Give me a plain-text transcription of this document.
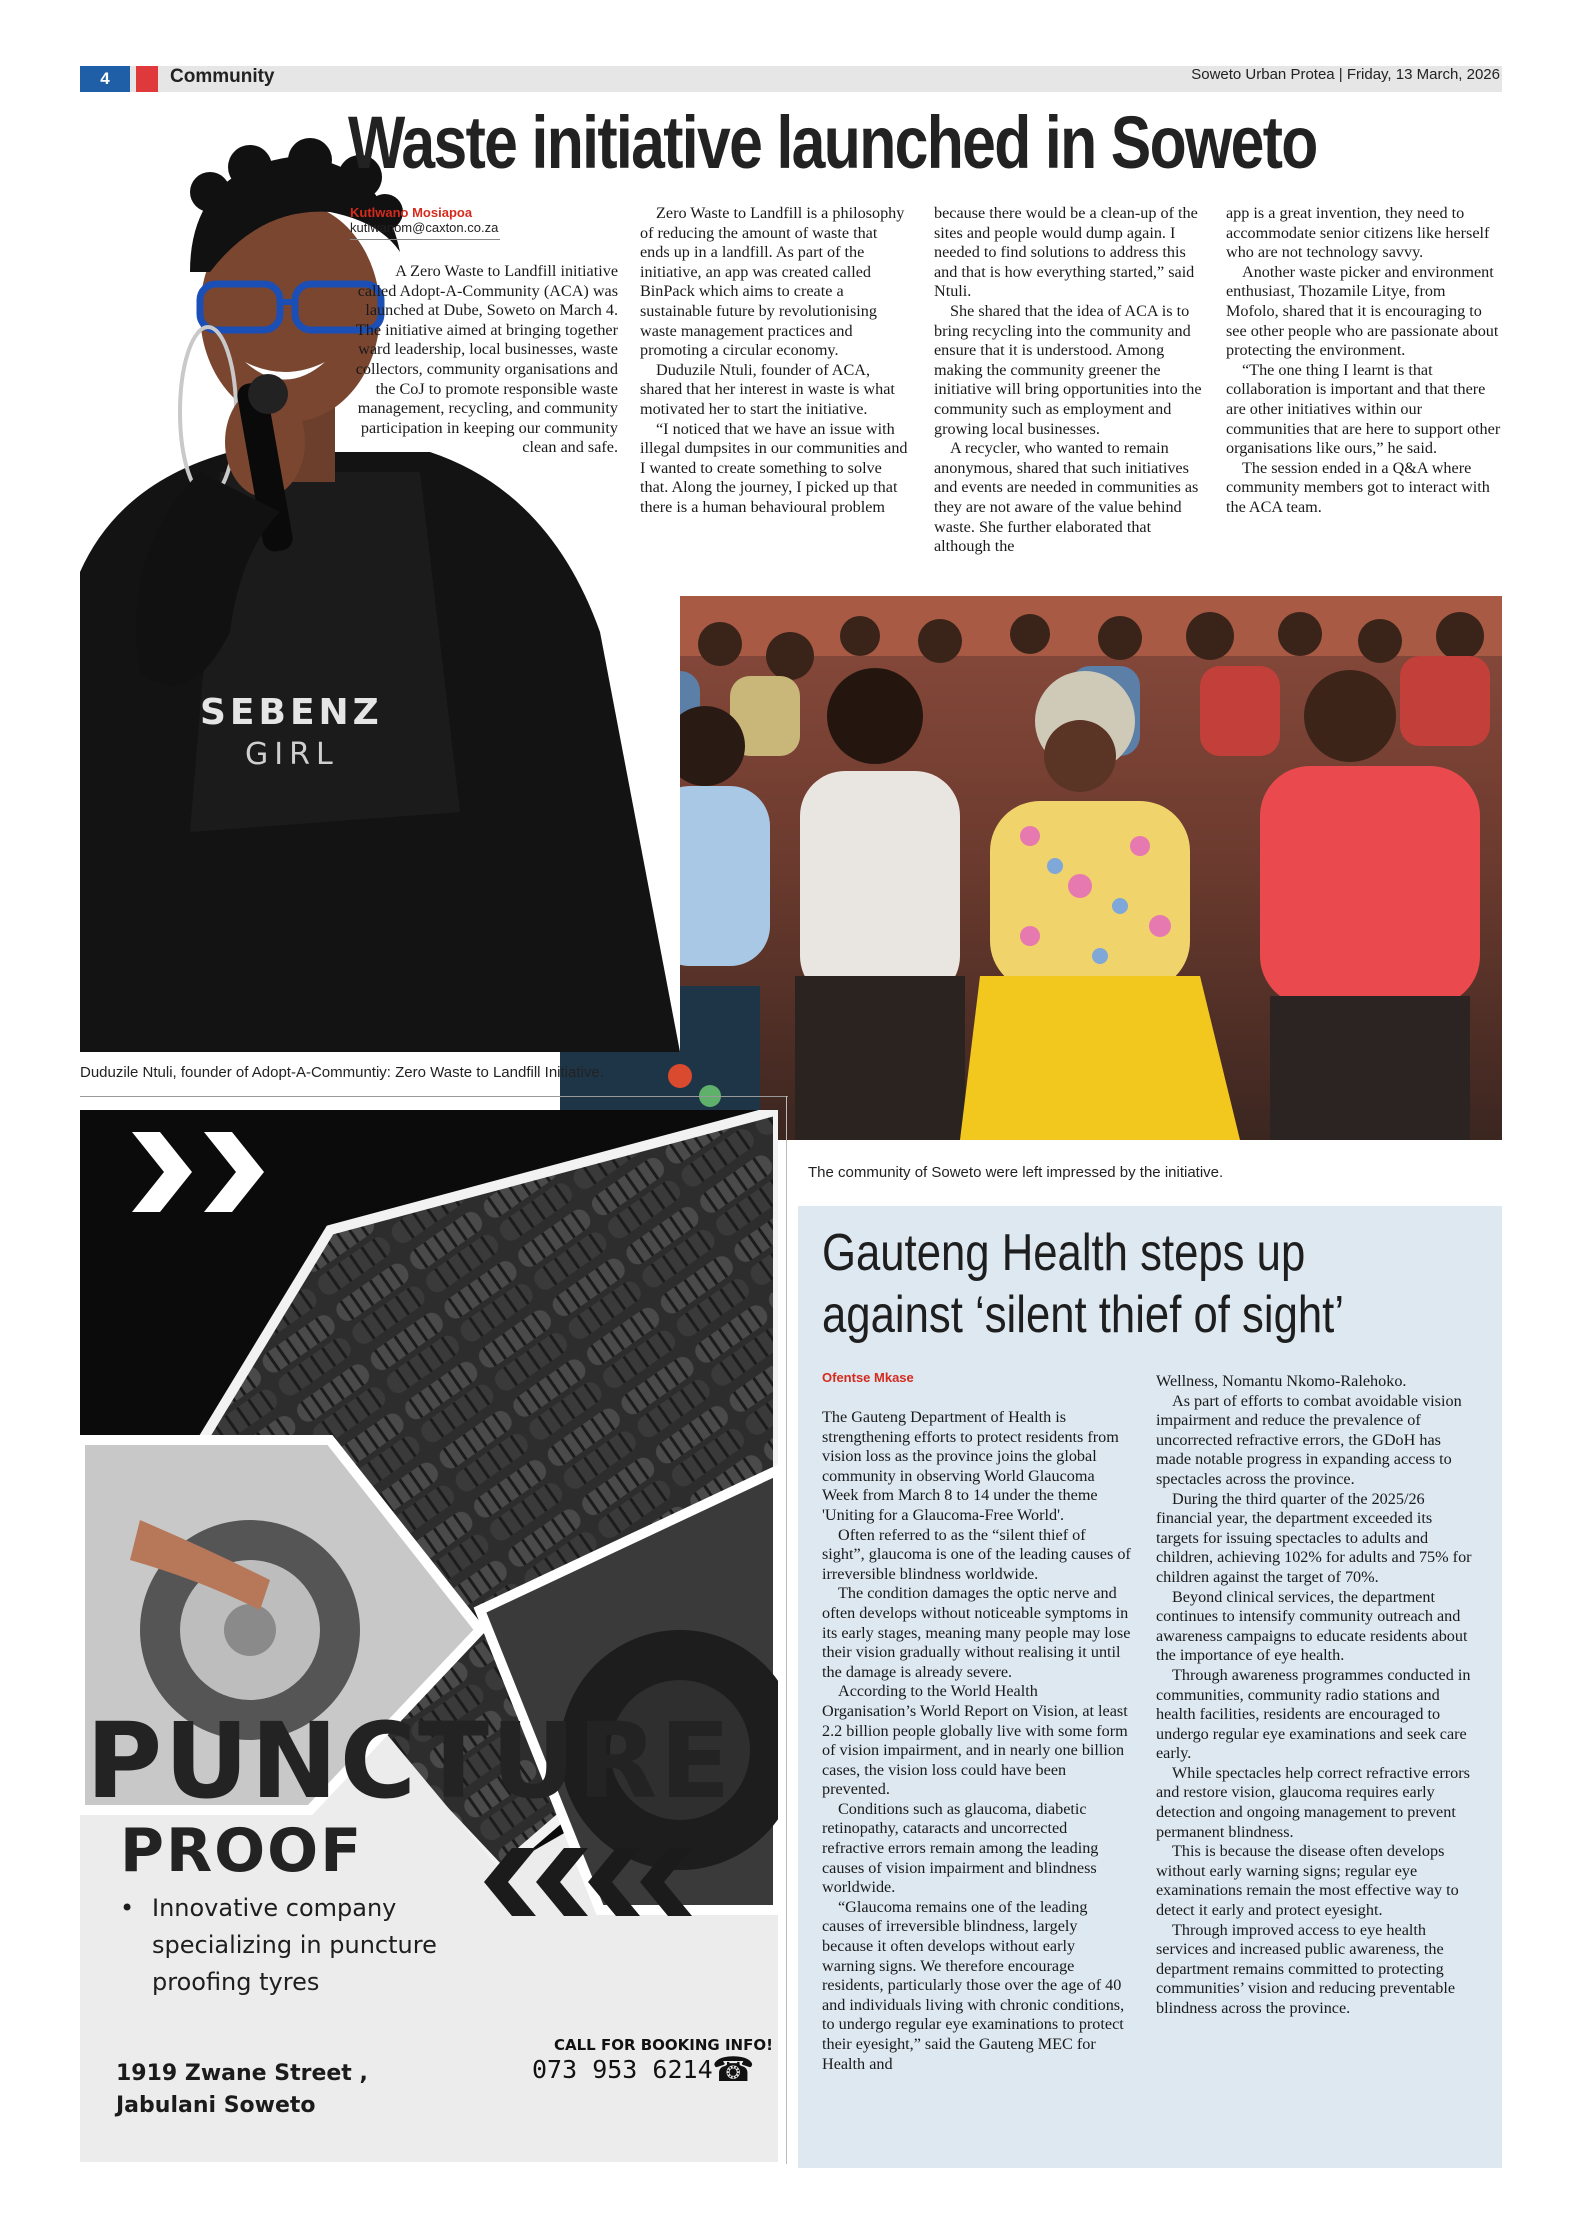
4	Community	Soweto Urban Protea | Friday, 13 March, 2026
SEBENZ
GIRL
Waste initiative launched in Soweto
Kutlwano Mosiapoa
kutlwanom@caxton.co.za

A Zero Waste to Landfill initiative called Adopt-A-Community (ACA) was launched at Dube, Soweto on March 4.

The initiative aimed at bringing together ward leadership, local businesses, waste collectors, community organisations and the CoJ to promote responsible waste management, recycling, and community participation in keeping our community clean and safe.

Zero Waste to Landfill is a philosophy of reducing the amount of waste that ends up in a landfill. As part of the initiative, an app was created called BinPack which aims to create a sustainable future by revolutionising waste management practices and promoting a circular economy.

Duduzile Ntuli, founder of ACA, shared that her interest in waste is what motivated her to start the initiative.

“I noticed that we have an issue with illegal dumpsites in our communities and I wanted to create something to solve that. Along the journey, I picked up that there is a human behavioural problem

because there would be a clean-up of the sites and people would dump again. I needed to find solutions to address this and that is how everything started,” said Ntuli.

She shared that the idea of ACA is to bring recycling into the community and ensure that it is understood. Among making the community greener the initiative will bring opportunities into the community such as employment and growing local businesses.

A recycler, who wanted to remain anonymous, shared that such initiatives and events are needed in communities as they are not aware of the value behind waste. She further elaborated that although the

app is a great invention, they need to accommodate senior citizens like herself who are not technology savvy.

Another waste picker and environment enthusiast, Thozamile Litye, from Mofolo, shared that it is encouraging to see other people who are passionate about protecting the environment.

“The one thing I learnt is that collaboration is important and that there are other initiatives within our communities that are here to support other organisations like ours,” he said.

The session ended in a Q&A where community members got to interact with the ACA team.

Duduzile Ntuli, founder of Adopt-A-Communtiy: Zero Waste to Landfill Initiative.
The community of Soweto were left impressed by the initiative.
PUNCTURE
PROOF
• Innovative company specializing in puncture proofing tyres
1919 Zwane Street ,
Jabulani Soweto
CALL FOR BOOKING INFO!
073 953 6214 ☎
Gauteng Health steps up
against ‘silent thief of sight’
Ofentse Mkase

The Gauteng Department of Health is strengthening efforts to protect residents from vision loss as the province joins the global community in observing World Glaucoma Week from March 8 to 14 under the theme 'Uniting for a Glaucoma-Free World'.

Often referred to as the “silent thief of sight”, glaucoma is one of the leading causes of irreversible blindness worldwide.

The condition damages the optic nerve and often develops without noticeable symptoms in its early stages, meaning many people may lose their vision gradually without realising it until the damage is already severe.

According to the World Health Organisation’s World Report on Vision, at least 2.2 billion people globally live with some form of vision impairment, and in nearly one billion cases, the vision loss could have been prevented.

Conditions such as glaucoma, diabetic retinopathy, cataracts and uncorrected refractive errors remain among the leading causes of vision impairment and blindness worldwide.

“Glaucoma remains one of the leading causes of irreversible blindness, largely because it often develops without early warning signs. We therefore encourage residents, particularly those over the age of 40 and individuals living with chronic conditions, to undergo regular eye examinations to protect their eyesight,” said the Gauteng MEC for Health and

Wellness, Nomantu Nkomo-Ralehoko.

As part of efforts to combat avoidable vision impairment and reduce the prevalence of uncorrected refractive errors, the GDoH has made notable progress in expanding access to spectacles across the province.

During the third quarter of the 2025/26 financial year, the department exceeded its targets for issuing spectacles to adults and children, achieving 102% for adults and 75% for children against the target of 70%.

Beyond clinical services, the department continues to intensify community outreach and awareness campaigns to educate residents about the importance of eye health.

Through awareness programmes conducted in communities, community radio stations and health facilities, residents are encouraged to undergo regular eye examinations and seek care early.

While spectacles help correct refractive errors and restore vision, glaucoma requires early detection and ongoing management to prevent permanent blindness.

This is because the disease often develops without early warning signs; regular eye examinations remain the most effective way to detect it early and protect eyesight.

Through improved access to eye health services and increased public awareness, the department remains committed to protecting communities’ vision and reducing preventable blindness across the province.
